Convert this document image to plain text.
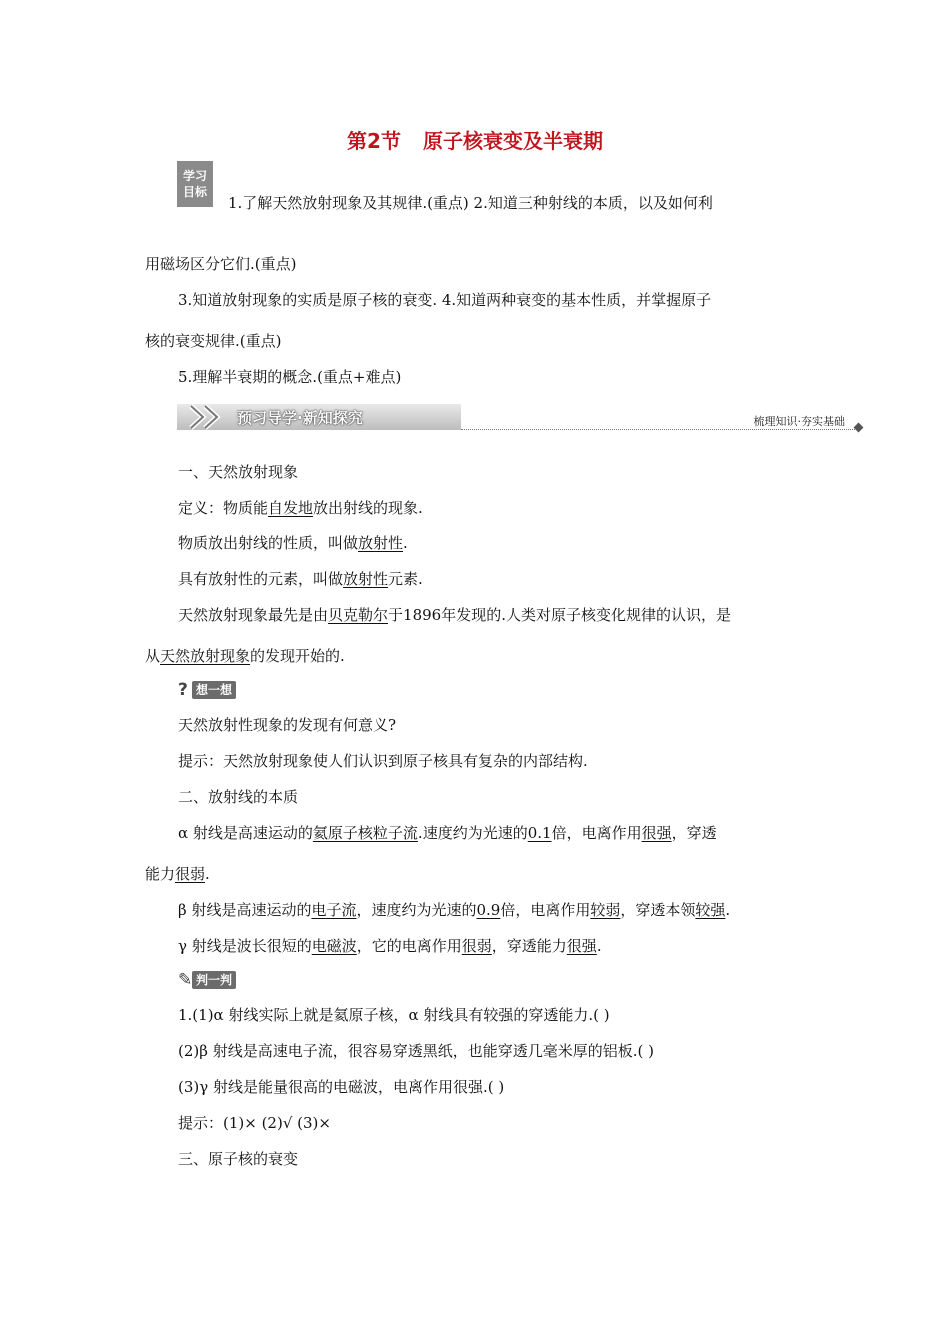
第2节 原子核衰变及半衰期
学习
目标
1.了解天然放射现象及其规律.(重点) 2.知道三种射线的本质，以及如何利
用磁场区分它们.(重点)
3.知道放射现象的实质是原子核的衰变. 4.知道两种衰变的基本性质，并掌握原子
核的衰变规律.(重点)
5.理解半衰期的概念.(重点+难点)
预习导学·新知探究	梳理知识·夯实基础
一、天然放射现象
定义：物质能自发地放出射线的现象.
物质放出射线的性质，叫做放射性.
具有放射性的元素，叫做放射性元素.
天然放射现象最先是由贝克勒尔于1896年发现的.人类对原子核变化规律的认识，是
从天然放射现象的发现开始的.
? 想一想
天然放射性现象的发现有何意义?
提示：天然放射现象使人们认识到原子核具有复杂的内部结构.
二、放射线的本质
α 射线是高速运动的氦原子核粒子流.速度约为光速的0.1倍，电离作用很强，穿透
能力很弱.
β 射线是高速运动的电子流，速度约为光速的0.9倍，电离作用较弱，穿透本领较强.
γ 射线是波长很短的电磁波，它的电离作用很弱，穿透能力很强.
✎ 判一判
1.(1)α 射线实际上就是氦原子核，α 射线具有较强的穿透能力.( )
(2)β 射线是高速电子流，很容易穿透黑纸，也能穿透几毫米厚的铝板.( )
(3)γ 射线是能量很高的电磁波，电离作用很强.( )
提示：(1)× (2)√ (3)×
三、原子核的衰变
